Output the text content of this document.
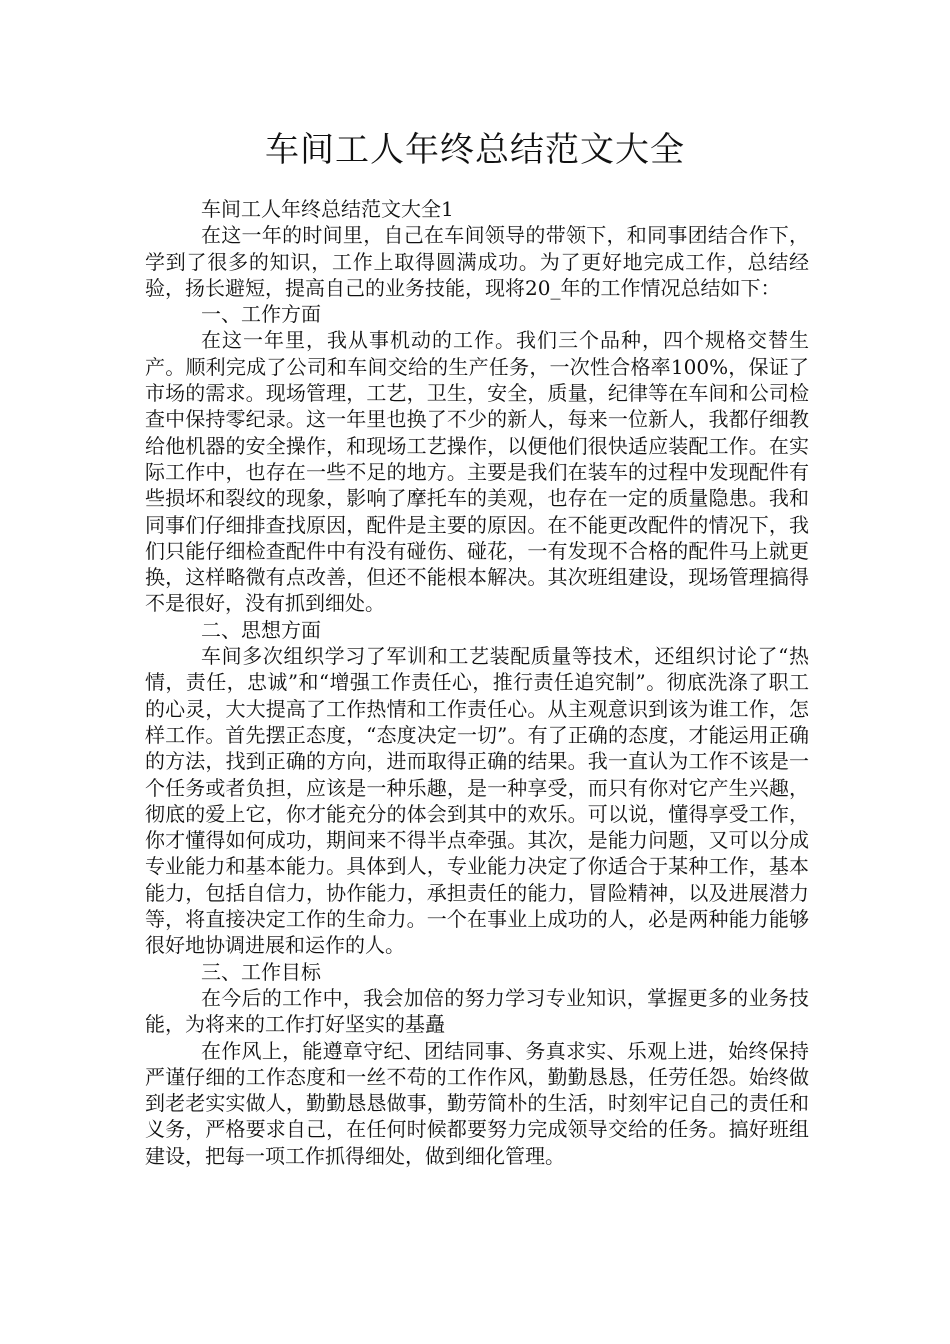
车间工人年终总结范文大全

车间工人年终总结范文大全1

在这一年的时间里，自己在车间领导的带领下，和同事团结合作下，学到了很多的知识，工作上取得圆满成功。为了更好地完成工作，总结经验，扬长避短，提高自己的业务技能，现将20_年的工作情况总结如下：

一、工作方面

在这一年里，我从事机动的工作。我们三个品种，四个规格交替生产。顺利完成了公司和车间交给的生产任务，一次性合格率100%，保证了市场的需求。现场管理，工艺，卫生，安全，质量，纪律等在车间和公司检查中保持零纪录。这一年里也换了不少的新人，每来一位新人，我都仔细教给他机器的安全操作，和现场工艺操作，以便他们很快适应装配工作。在实际工作中，也存在一些不足的地方。主要是我们在装车的过程中发现配件有些损坏和裂纹的现象，影响了摩托车的美观，也存在一定的质量隐患。我和同事们仔细排查找原因，配件是主要的原因。在不能更改配件的情况下，我们只能仔细检查配件中有没有碰伤、碰花，一有发现不合格的配件马上就更换，这样略微有点改善，但还不能根本解决。其次班组建设，现场管理搞得不是很好，没有抓到细处。

二、思想方面

车间多次组织学习了军训和工艺装配质量等技术，还组织讨论了“热情，责任，忠诚”和“增强工作责任心，推行责任追究制”。彻底洗涤了职工的心灵，大大提高了工作热情和工作责任心。从主观意识到该为谁工作，怎样工作。首先摆正态度，“态度决定一切”。有了正确的态度，才能运用正确的方法，找到正确的方向，进而取得正确的结果。我一直认为工作不该是一个任务或者负担，应该是一种乐趣，是一种享受，而只有你对它产生兴趣，彻底的爱上它，你才能充分的体会到其中的欢乐。可以说，懂得享受工作，你才懂得如何成功，期间来不得半点牵强。其次，是能力问题，又可以分成专业能力和基本能力。具体到人，专业能力决定了你适合于某种工作，基本能力，包括自信力，协作能力，承担责任的能力，冒险精神，以及进展潜力等，将直接决定工作的生命力。一个在事业上成功的人，必是两种能力能够很好地协调进展和运作的人。

三、工作目标

在今后的工作中，我会加倍的努力学习专业知识，掌握更多的业务技能，为将来的工作打好坚实的基矗

在作风上，能遵章守纪、团结同事、务真求实、乐观上进，始终保持严谨仔细的工作态度和一丝不苟的工作作风，勤勤恳恳，任劳任怨。始终做到老老实实做人，勤勤恳恳做事，勤劳简朴的生活，时刻牢记自己的责任和义务，严格要求自己，在任何时候都要努力完成领导交给的任务。搞好班组建设，把每一项工作抓得细处，做到细化管理。
